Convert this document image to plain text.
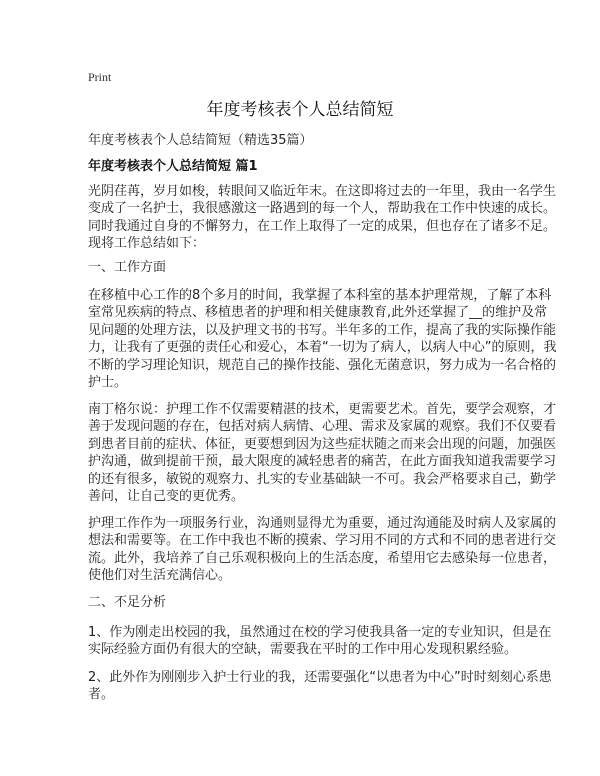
Print
年度考核表个人总结简短
年度考核表个人总结简短（精选35篇）
年度考核表个人总结简短 篇1
光阴荏苒，岁月如梭，转眼间又临近年末。在这即将过去的一年里，我由一名学生
变成了一名护士，我很感激这一路遇到的每一个人，帮助我在工作中快速的成长。
同时我通过自身的不懈努力，在工作上取得了一定的成果，但也存在了诸多不足。
现将工作总结如下：
一、工作方面
在移植中心工作的8个多月的时间，我掌握了本科室的基本护理常规，了解了本科
室常见疾病的特点、移植患者的护理和相关健康教育,此外还掌握了__的维护及常
见问题的处理方法，以及护理文书的书写。半年多的工作，提高了我的实际操作能
力，让我有了更强的责任心和爱心，本着“一切为了病人，以病人中心”的原则，我
不断的学习理论知识，规范自己的操作技能、强化无菌意识，努力成为一名合格的
护士。
南丁格尔说：护理工作不仅需要精湛的技术，更需要艺术。首先，要学会观察，才
善于发现问题的存在，包括对病人病情、心理、需求及家属的观察。我们不仅要看
到患者目前的症状、体征，更要想到因为这些症状随之而来会出现的问题，加强医
护沟通，做到提前干预，最大限度的减轻患者的痛苦，在此方面我知道我需要学习
的还有很多，敏锐的观察力、扎实的专业基础缺一不可。我会严格要求自己，勤学
善问，让自己变的更优秀。
护理工作作为一项服务行业，沟通则显得尤为重要，通过沟通能及时病人及家属的
想法和需要等。在工作中我也不断的摸索、学习用不同的方式和不同的患者进行交
流。此外，我培养了自己乐观积极向上的生活态度，希望用它去感染每一位患者，
使他们对生活充满信心。
二、不足分析
1、作为刚走出校园的我，虽然通过在校的学习使我具备一定的专业知识，但是在
实际经验方面仍有很大的空缺，需要我在平时的工作中用心发现积累经验。
2、此外作为刚刚步入护士行业的我，还需要强化“以患者为中心”时时刻刻心系患
者。
